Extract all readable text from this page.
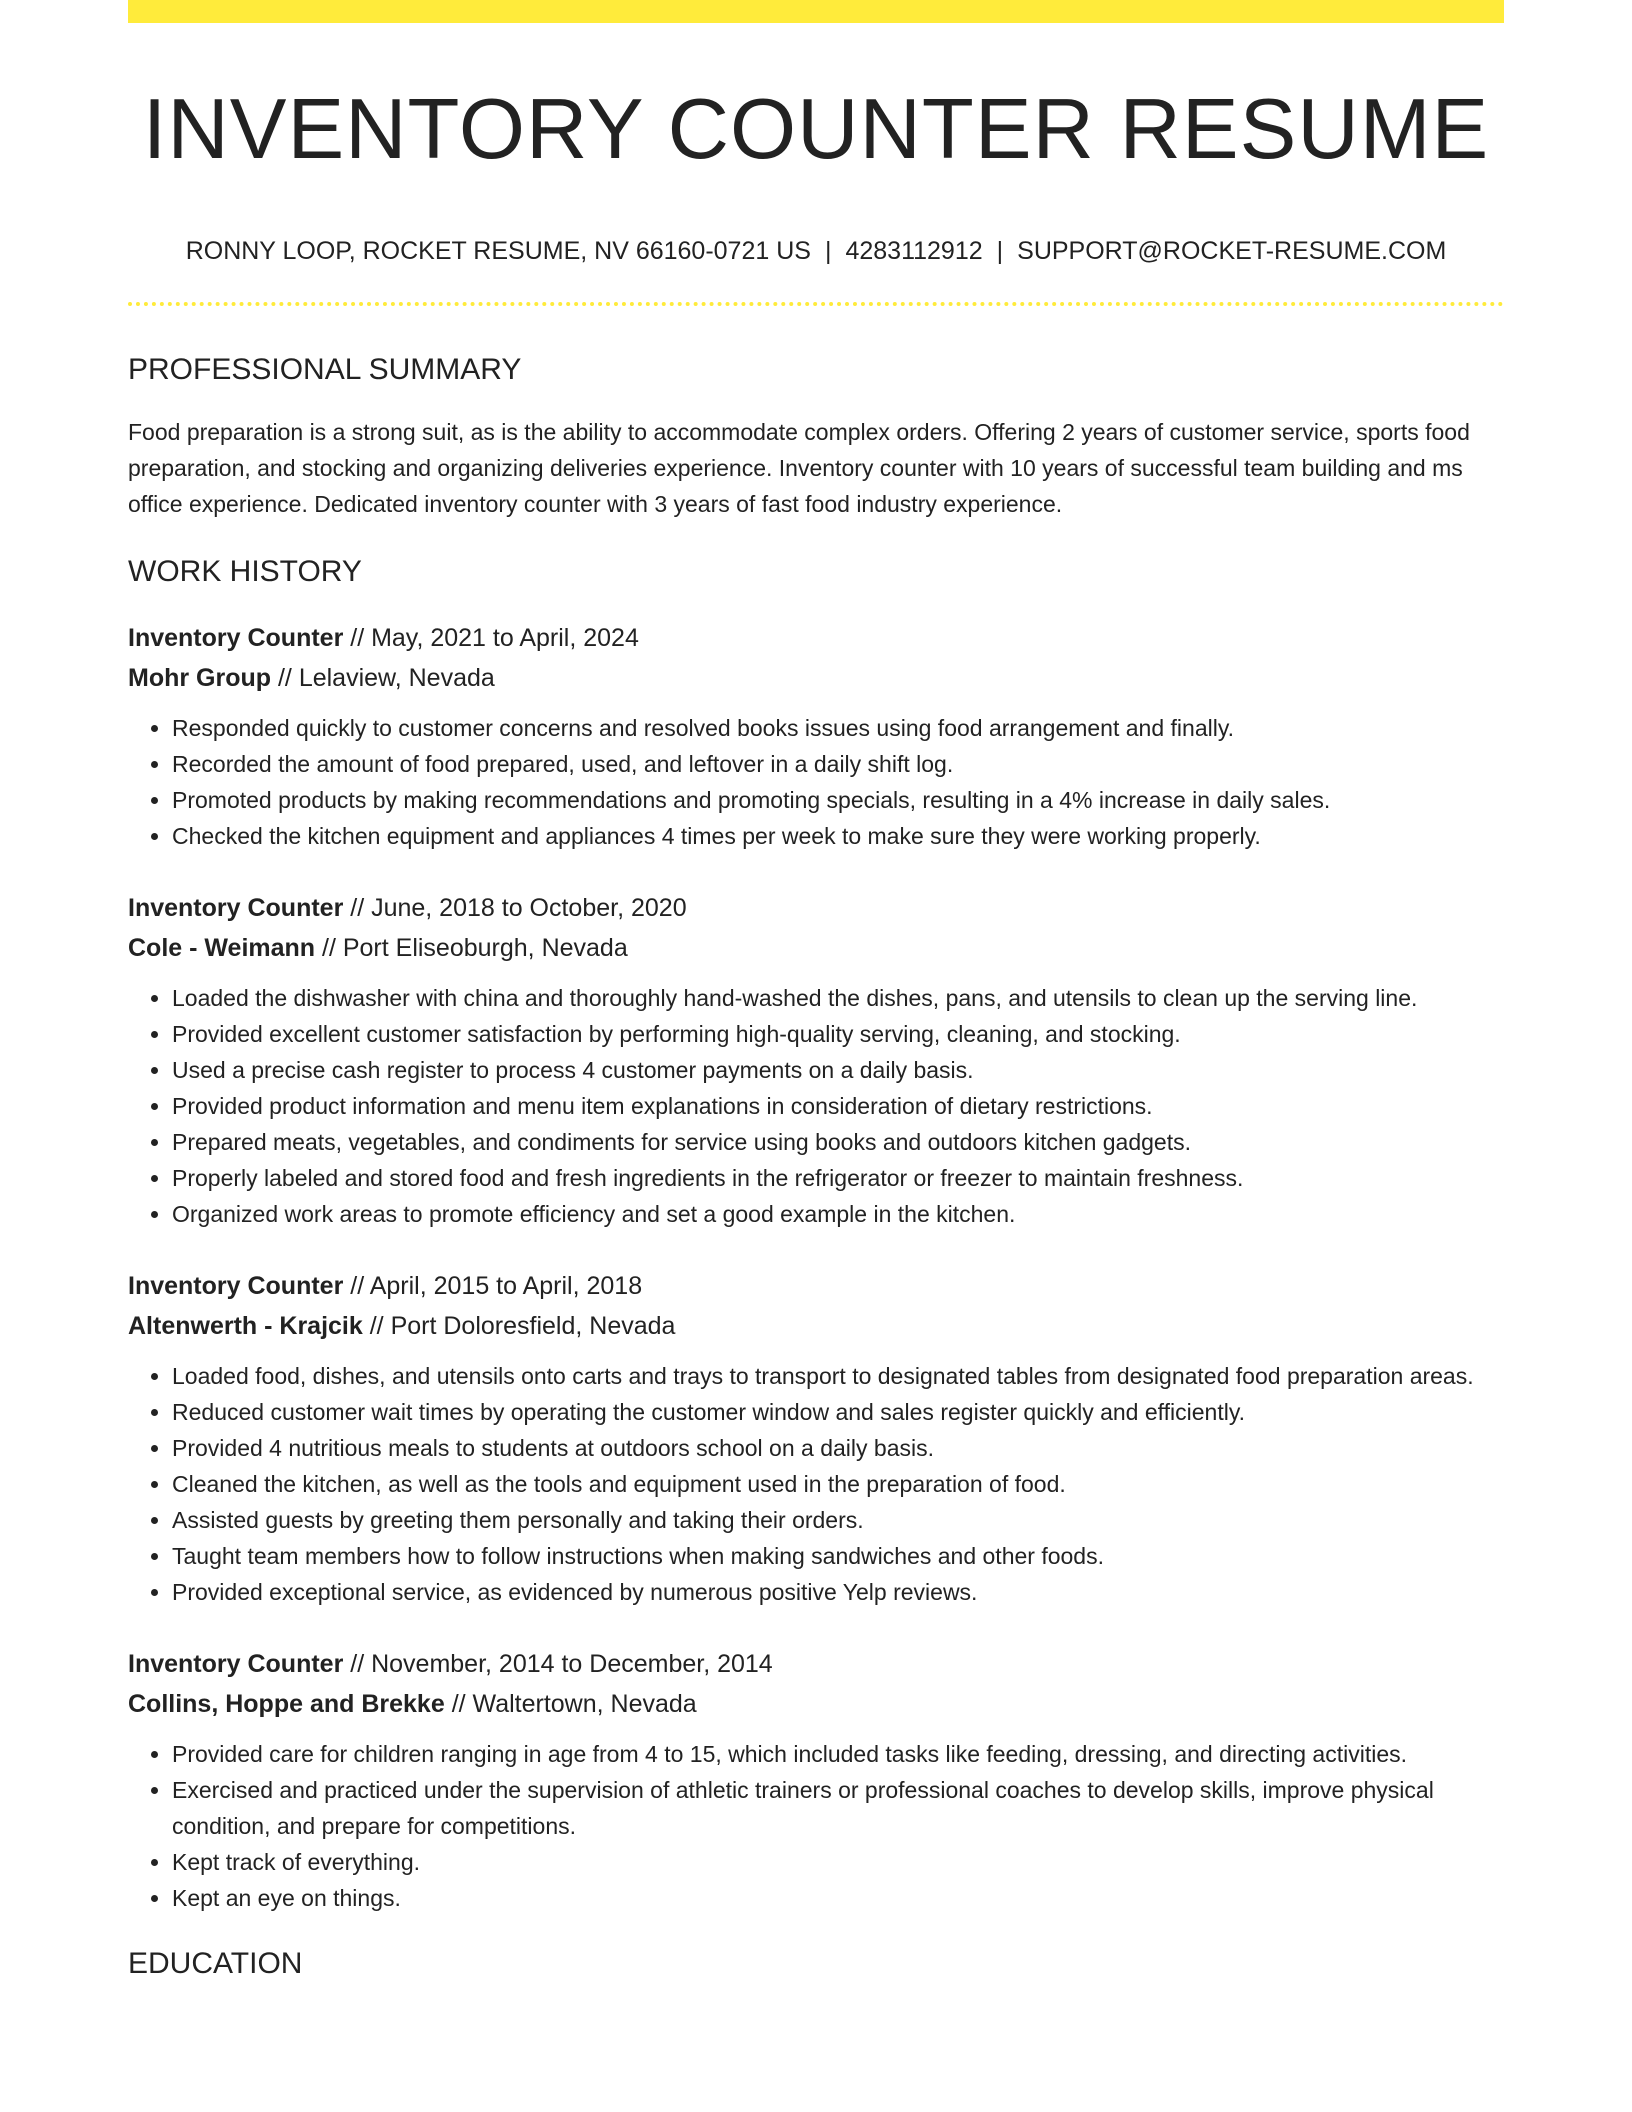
INVENTORY COUNTER RESUME
RONNY LOOP, ROCKET RESUME, NV 66160-0721 US | 4283112912 | SUPPORT@ROCKET-RESUME.COM
PROFESSIONAL SUMMARY

Food preparation is a strong suit, as is the ability to accommodate complex orders. Offering 2 years of customer service, sports food preparation, and stocking and organizing deliveries experience. Inventory counter with 10 years of successful team building and ms office experience. Dedicated inventory counter with 3 years of fast food industry experience.

WORK HISTORY
Inventory Counter // May, 2021 to April, 2024
Mohr Group // Lelaview, Nevada
• Responded quickly to customer concerns and resolved books issues using food arrangement and finally.
• Recorded the amount of food prepared, used, and leftover in a daily shift log.
• Promoted products by making recommendations and promoting specials, resulting in a 4% increase in daily sales.
• Checked the kitchen equipment and appliances 4 times per week to make sure they were working properly.
Inventory Counter // June, 2018 to October, 2020
Cole - Weimann // Port Eliseoburgh, Nevada
• Loaded the dishwasher with china and thoroughly hand-washed the dishes, pans, and utensils to clean up the serving line.
• Provided excellent customer satisfaction by performing high-quality serving, cleaning, and stocking.
• Used a precise cash register to process 4 customer payments on a daily basis.
• Provided product information and menu item explanations in consideration of dietary restrictions.
• Prepared meats, vegetables, and condiments for service using books and outdoors kitchen gadgets.
• Properly labeled and stored food and fresh ingredients in the refrigerator or freezer to maintain freshness.
• Organized work areas to promote efficiency and set a good example in the kitchen.
Inventory Counter // April, 2015 to April, 2018
Altenwerth - Krajcik // Port Doloresfield, Nevada
• Loaded food, dishes, and utensils onto carts and trays to transport to designated tables from designated food preparation areas.
• Reduced customer wait times by operating the customer window and sales register quickly and efficiently.
• Provided 4 nutritious meals to students at outdoors school on a daily basis.
• Cleaned the kitchen, as well as the tools and equipment used in the preparation of food.
• Assisted guests by greeting them personally and taking their orders.
• Taught team members how to follow instructions when making sandwiches and other foods.
• Provided exceptional service, as evidenced by numerous positive Yelp reviews.
Inventory Counter // November, 2014 to December, 2014
Collins, Hoppe and Brekke // Waltertown, Nevada
• Provided care for children ranging in age from 4 to 15, which included tasks like feeding, dressing, and directing activities.
• Exercised and practiced under the supervision of athletic trainers or professional coaches to develop skills, improve physical condition, and prepare for competitions.
• Kept track of everything.
• Kept an eye on things.
EDUCATION
